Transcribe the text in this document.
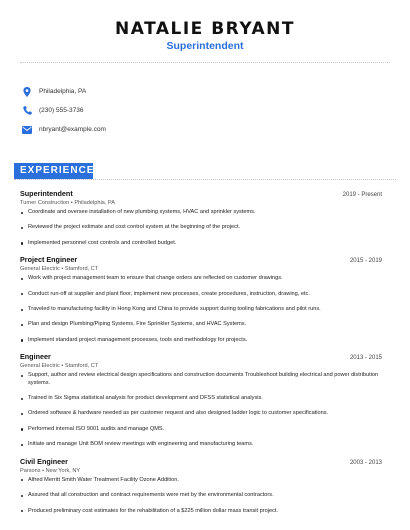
NATALIE BRYANT
Superintendent
Philadelphia, PA
(230) 555-3736
nbryant@example.com
EXPERIENCE
Superintendent	2019 - Present
Turner Construction • Philadelphia, PA
Coordinate and oversee installation of new plumbing systems, HVAC and sprinkler systems.
Reviewed the project estimate and cost control system at the beginning of the project.
Implemented personnel cost controls and controlled budget.
Project Engineer	2015 - 2019
General Electric • Stamford, CT
Work with project management team to ensure that change orders are reflected on customer drawings.
Conduct run-off at supplier and plant floor, implement new processes, create procedures, instruction, drawing, etc.
Traveled to manufacturing facility in Hong Kong and China to provide support during tooling fabrications and pilot runs.
Plan and design Plumbing/Piping Systems, Fire Sprinkler Systems, and HVAC Systems.
Implement standard project management processes, tools and methodology for projects.
Engineer	2013 - 2015
General Electric • Stamford, CT
Support, author and review electrical design specifications and construction documents Troubleshoot building electrical and power distribution systems.
Trained in Six Sigma statistical analysis for product development and DFSS statistical analysis.
Ordered software & hardware needed as per customer request and also designed ladder logic to customer specifications.
Performed internal ISO 9001 audits and manage QMS.
Initiate and manage Unit BOM review meetings with engineering and manufacturing teams.
Civil Engineer	2003 - 2013
Parsons • New York, NY
Alfred Merritt Smith Water Treatment Facility Ozone Addition.
Assured that all construction and contract requirements were met by the environmental contractors.
Produced preliminary cost estimates for the rehabilitation of a $225 million dollar mass transit project.
